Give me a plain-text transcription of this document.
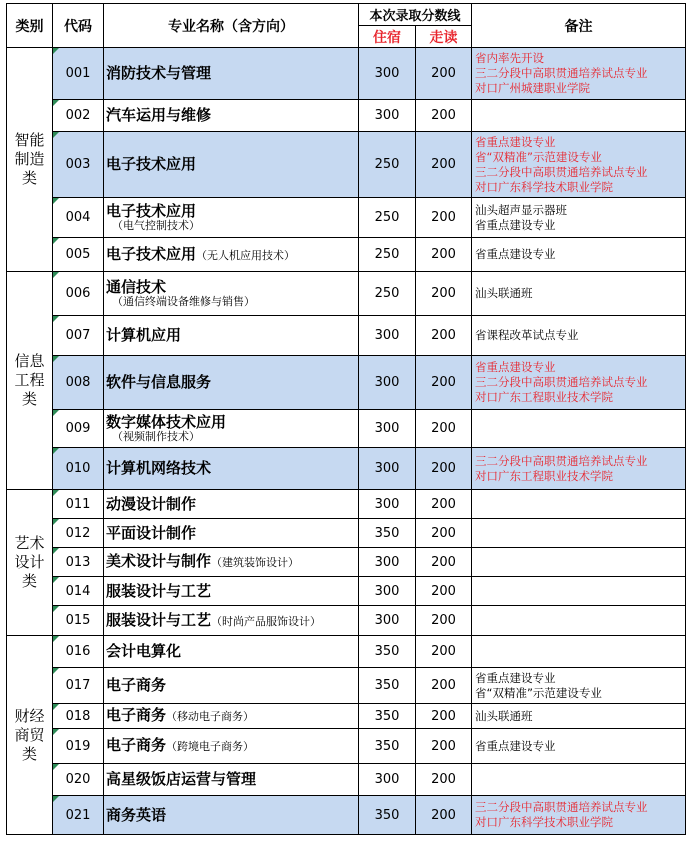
类别	代码	专业名称（含方向）	本次录取分数线		备注
			住宿	走读	
智能
制造
类	001	消防技术与管理	300	200	省内率先开设
三二分段中高职贯通培养试点专业
对口广州城建职业学院

	002	汽车运用与维修	300	200	
	003	电子技术应用	250	200	省重点建设专业
省“双精准”示范建设专业
三二分段中高职贯通培养试点专业
对口广东科学技术职业学院

	004	电子技术应用
（电气控制技术）	250	200	汕头超声显示器班
省重点建设专业

	005	电子技术应用（无人机应用技术）	250	200	省重点建设专业

信息
工程
类	006	通信技术
（通信终端设备维修与销售）	250	200	汕头联通班

	007	计算机应用	300	200	省课程改革试点专业

	008	软件与信息服务	300	200	省重点建设专业
三二分段中高职贯通培养试点专业
对口广东工程职业技术学院

	009	数字媒体技术应用
（视频制作技术）	300	200	
	010	计算机网络技术	300	200	三二分段中高职贯通培养试点专业
对口广东工程职业技术学院

艺术
设计
类	011	动漫设计制作	300	200	
	012	平面设计制作	350	200	
	013	美术设计与制作（建筑装饰设计）	300	200	
	014	服装设计与工艺	300	200	
	015	服装设计与工艺（时尚产品服饰设计）	300	200	
财经
商贸
类	016	会计电算化	350	200	
	017	电子商务	350	200	省重点建设专业
省“双精准”示范建设专业

	018	电子商务（移动电子商务）	350	200	汕头联通班

	019	电子商务（跨境电子商务）	350	200	省重点建设专业

	020	高星级饭店运营与管理	300	200	
	021	商务英语	350	200	三二分段中高职贯通培养试点专业
对口广东科学技术职业学院
